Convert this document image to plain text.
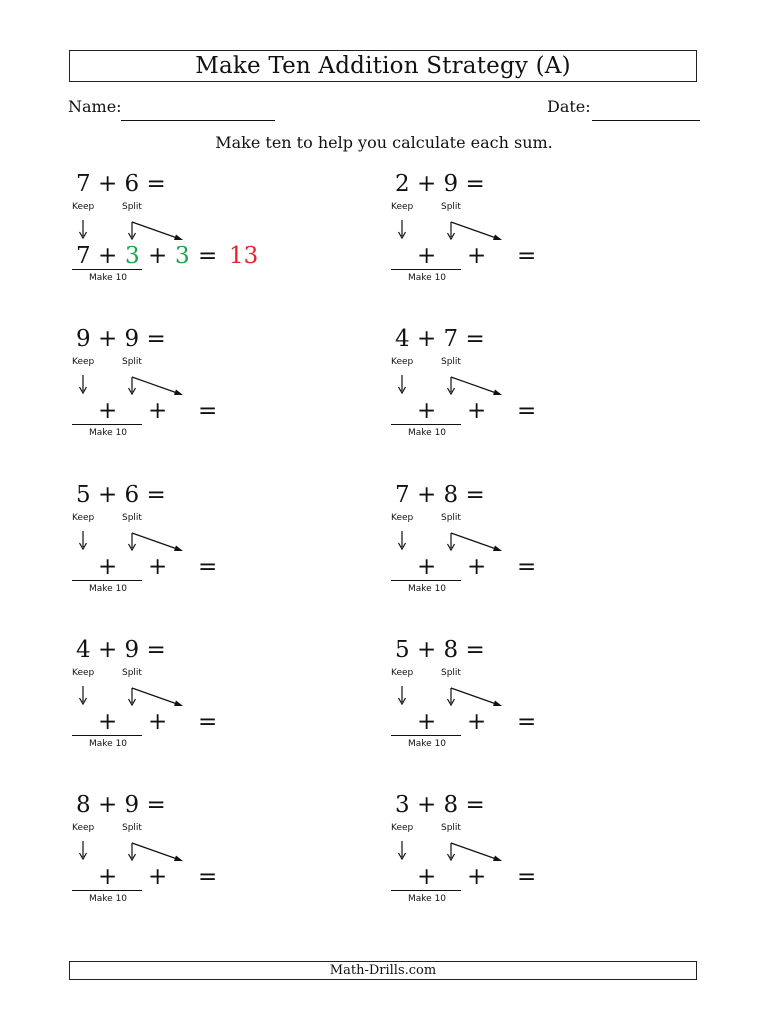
Make Ten Addition Strategy (A)
Name:	Date:
Make ten to help you calculate each sum.
7 + 6 =
Keep	Split
7 + 3 + 3 = 13
Make 10
2 + 9 =
Keep	Split
+ + =
Make 10
9 + 9 =
Keep	Split
+ + =
Make 10
4 + 7 =
Keep	Split
+ + =
Make 10
5 + 6 =
Keep	Split
+ + =
Make 10
7 + 8 =
Keep	Split
+ + =
Make 10
4 + 9 =
Keep	Split
+ + =
Make 10
5 + 8 =
Keep	Split
+ + =
Make 10
8 + 9 =
Keep	Split
+ + =
Make 10
3 + 8 =
Keep	Split
+ + =
Make 10
Math-Drills.com
